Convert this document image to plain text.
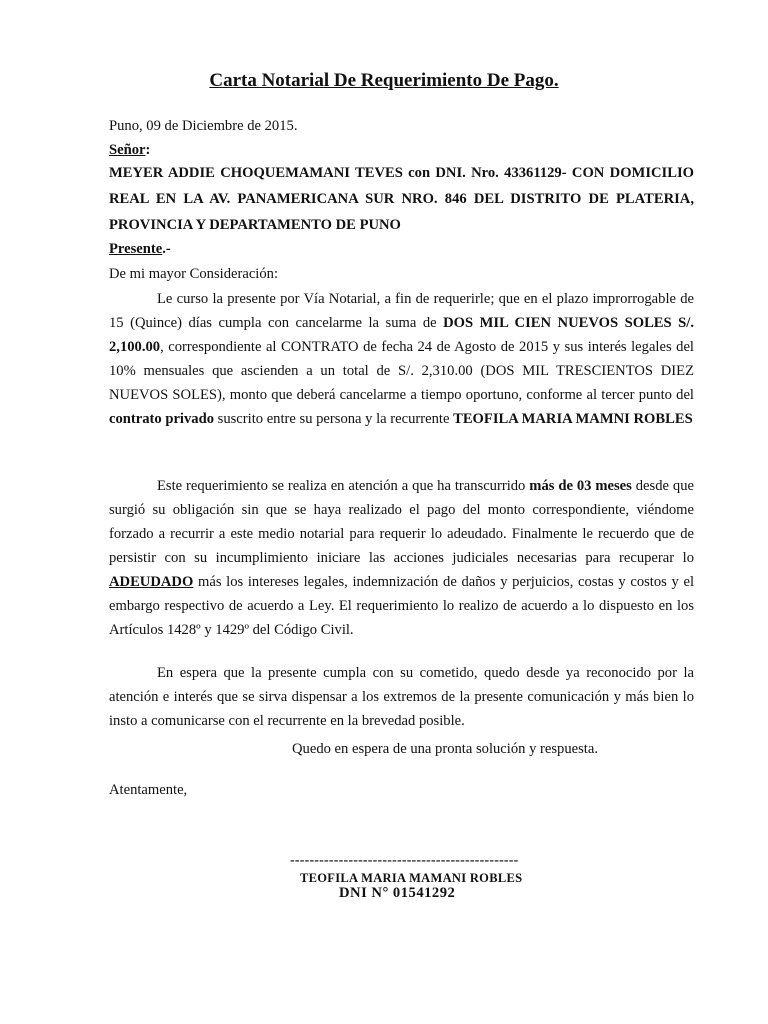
Carta Notarial De Requerimiento De Pago.

Puno, 09 de Diciembre de 2015.

Señor:

MEYER ADDIE CHOQUEMAMANI TEVES con DNI. Nro. 43361129- CON DOMICILIO REAL EN LA AV. PANAMERICANA SUR NRO. 846 DEL DISTRITO DE PLATERIA, PROVINCIA Y DEPARTAMENTO DE PUNO

Presente.-

De mi mayor Consideración:

Le curso la presente por Vía Notarial, a fin de requerirle; que en el plazo improrrogable de 15 (Quince) días cumpla con cancelarme la suma de DOS MIL CIEN NUEVOS SOLES S/. 2,100.00, correspondiente al CONTRATO de fecha 24 de Agosto de 2015 y sus interés legales del 10% mensuales que ascienden a un total de S/. 2,310.00 (DOS MIL TRESCIENTOS DIEZ NUEVOS SOLES), monto que deberá cancelarme a tiempo oportuno, conforme al tercer punto del contrato privado suscrito entre su persona y la recurrente TEOFILA MARIA MAMNI ROBLES

Este requerimiento se realiza en atención a que ha transcurrido más de 03 meses desde que surgió su obligación sin que se haya realizado el pago del monto correspondiente, viéndome forzado a recurrir a este medio notarial para requerir lo adeudado. Finalmente le recuerdo que de persistir con su incumplimiento iniciare las acciones judiciales necesarias para recuperar lo ADEUDADO más los intereses legales, indemnización de daños y perjuicios, costas y costos y el embargo respectivo de acuerdo a Ley. El requerimiento lo realizo de acuerdo a lo dispuesto en los Artículos 1428º y 1429º del Código Civil.

En espera que la presente cumpla con su cometido, quedo desde ya reconocido por la atención e interés que se sirva dispensar a los extremos de la presente comunicación y más bien lo insto a comunicarse con el recurrente en la brevedad posible.

Quedo en espera de una pronta solución y respuesta.

Atentamente,

-----------------------------------------------
TEOFILA MARIA MAMANI ROBLES
DNI N° 01541292
